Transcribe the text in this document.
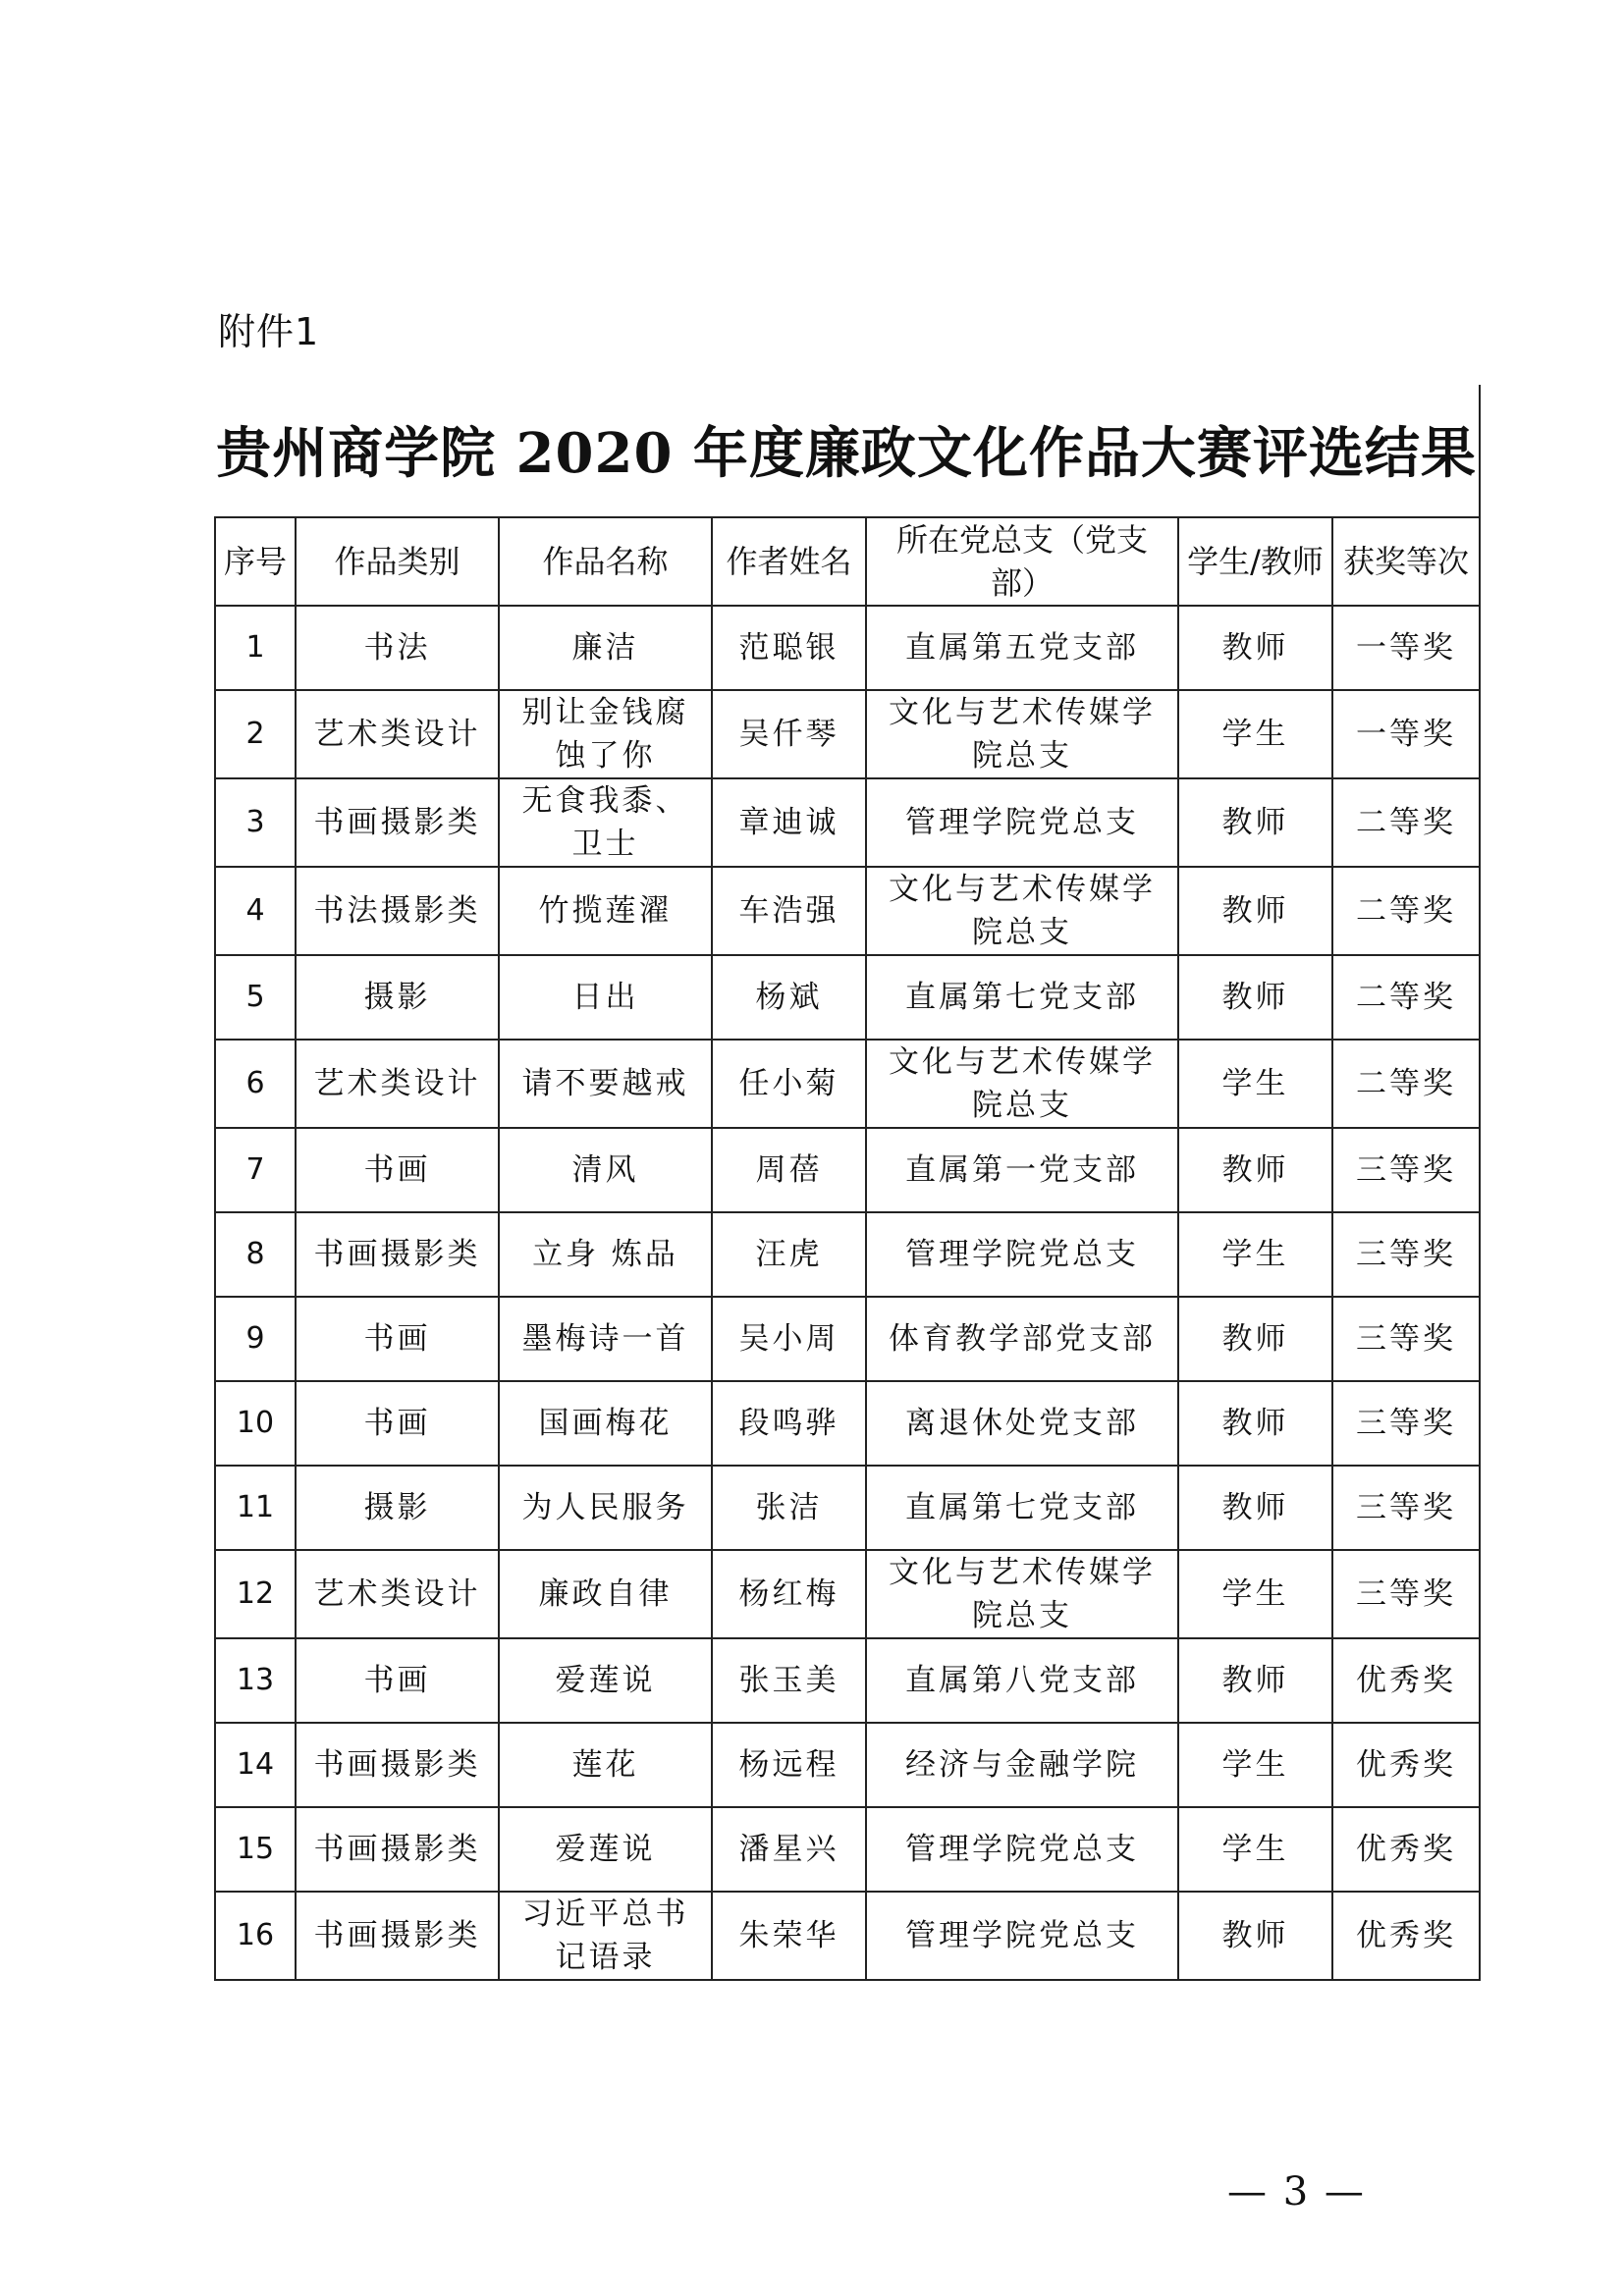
附件1
贵州商学院 2020 年度廉政文化作品大赛评选结果
序号	作品类别	作品名称	作者姓名	所在党总支（党支部）	学生/教师	获奖等次
1	书法	廉洁	范聪银	直属第五党支部	教师	一等奖
2	艺术类设计	别让金钱腐蚀了你	吴仟琴	文化与艺术传媒学院总支	学生	一等奖
3	书画摄影类	无食我黍、卫士	章迪诚	管理学院党总支	教师	二等奖
4	书法摄影类	竹揽莲濯	车浩强	文化与艺术传媒学院总支	教师	二等奖
5	摄影	日出	杨斌	直属第七党支部	教师	二等奖
6	艺术类设计	请不要越戒	任小菊	文化与艺术传媒学院总支	学生	二等奖
7	书画	清风	周蓓	直属第一党支部	教师	三等奖
8	书画摄影类	立身 炼品	汪虎	管理学院党总支	学生	三等奖
9	书画	墨梅诗一首	吴小周	体育教学部党支部	教师	三等奖
10	书画	国画梅花	段鸣骅	离退休处党支部	教师	三等奖
11	摄影	为人民服务	张洁	直属第七党支部	教师	三等奖
12	艺术类设计	廉政自律	杨红梅	文化与艺术传媒学院总支	学生	三等奖
13	书画	爱莲说	张玉美	直属第八党支部	教师	优秀奖
14	书画摄影类	莲花	杨远程	经济与金融学院	学生	优秀奖
15	书画摄影类	爱莲说	潘星兴	管理学院党总支	学生	优秀奖
16	书画摄影类	习近平总书记语录	朱荣华	管理学院党总支	教师	优秀奖
— 3 —
